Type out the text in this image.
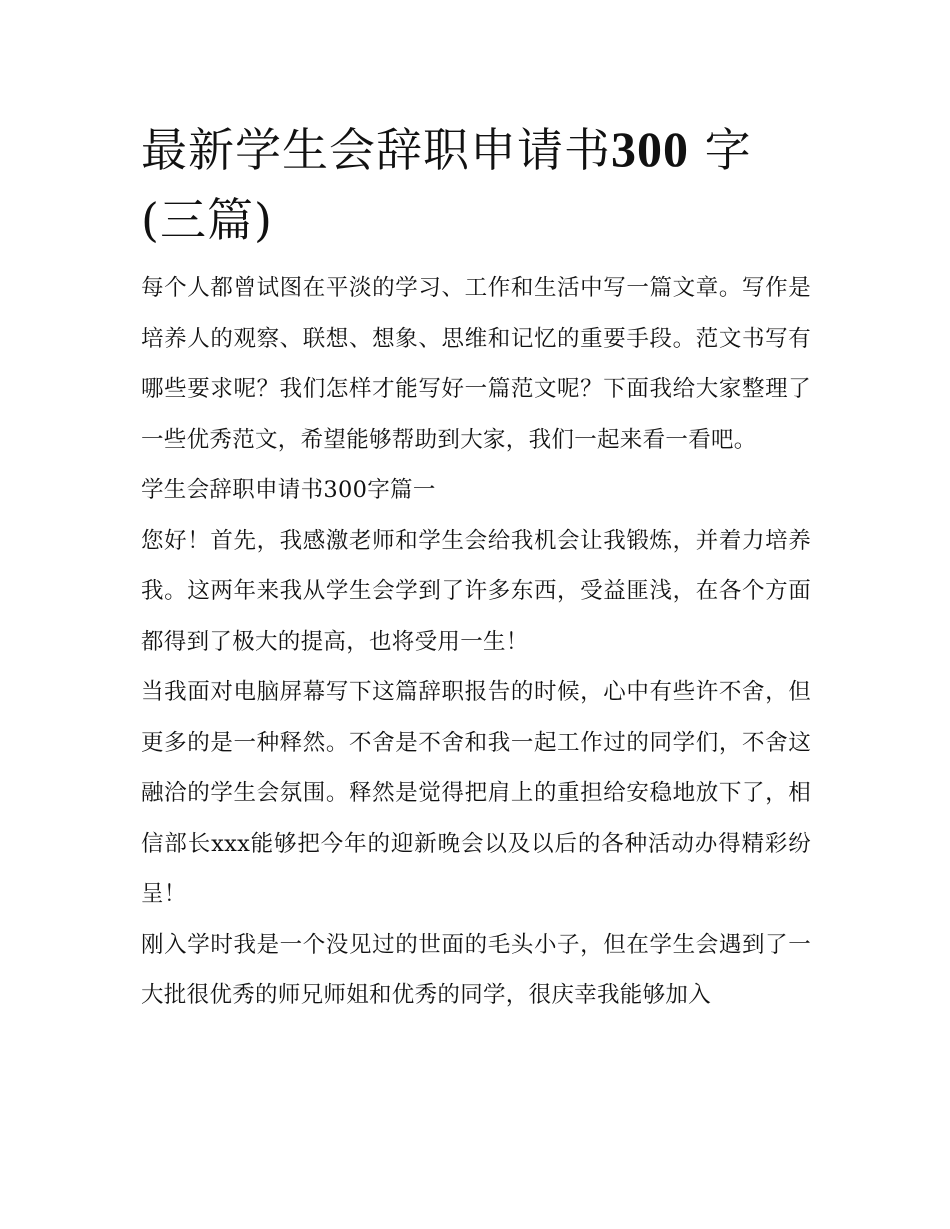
最新学生会辞职申请书300 字
(三篇)

每个人都曾试图在平淡的学习、工作和生活中写一篇文章。写作是培养人的观察、联想、想象、思维和记忆的重要手段。范文书写有哪些要求呢？我们怎样才能写好一篇范文呢？下面我给大家整理了一些优秀范文，希望能够帮助到大家，我们一起来看一看吧。

学生会辞职申请书300字篇一

您好！首先，我感激老师和学生会给我机会让我锻炼，并着力培养我。这两年来我从学生会学到了许多东西，受益匪浅，在各个方面都得到了极大的提高，也将受用一生！

当我面对电脑屏幕写下这篇辞职报告的时候，心中有些许不舍，但更多的是一种释然。不舍是不舍和我一起工作过的同学们，不舍这融洽的学生会氛围。释然是觉得把肩上的重担给安稳地放下了，相信部长xxx能够把今年的迎新晚会以及以后的各种活动办得精彩纷呈！

刚入学时我是一个没见过的世面的毛头小子，但在学生会遇到了一大批很优秀的师兄师姐和优秀的同学，很庆幸我能够加入
